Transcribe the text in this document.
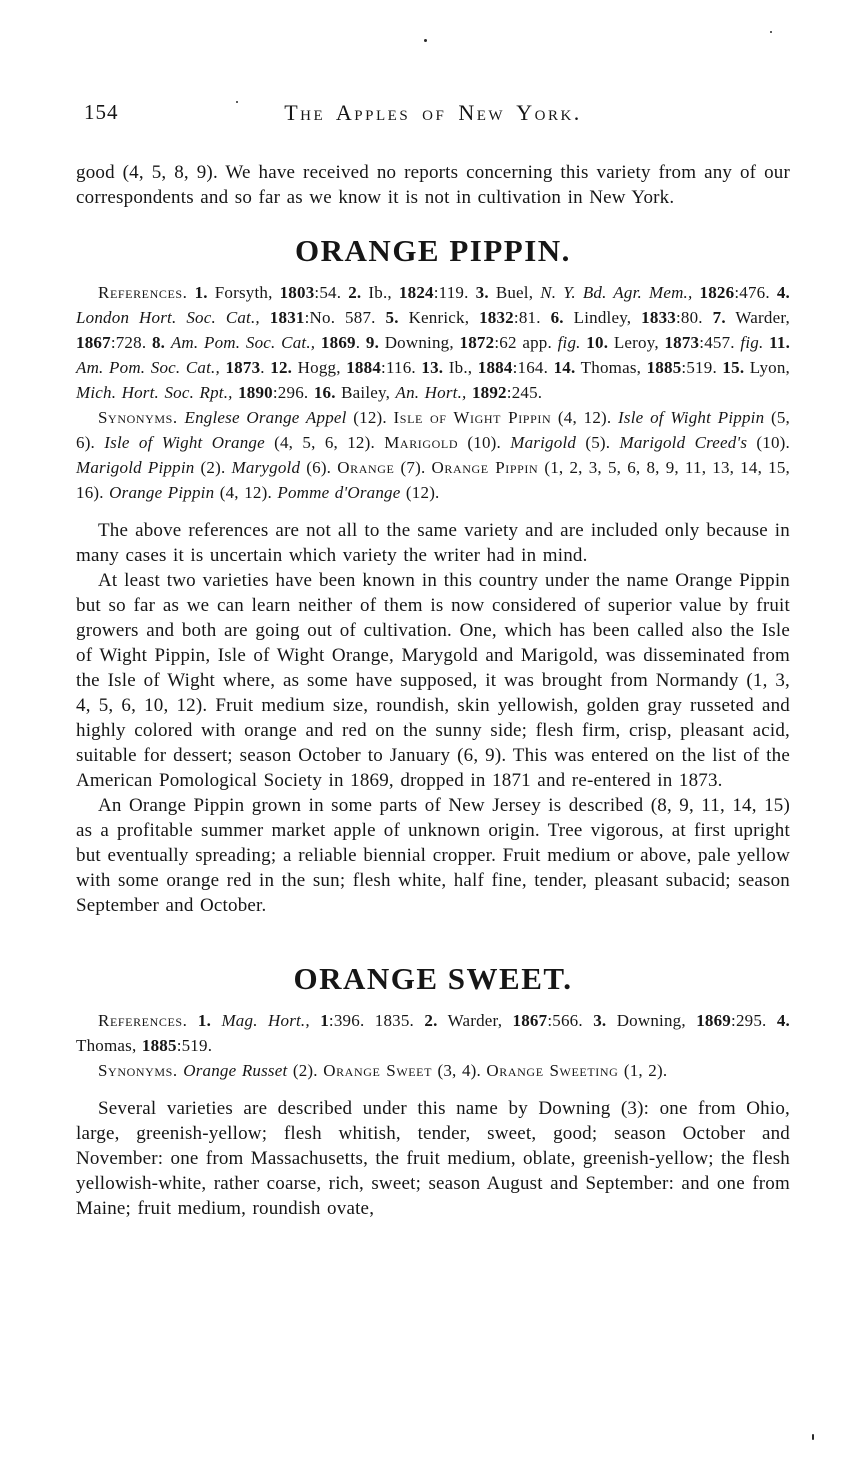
154	The Apples of New York.

good (4, 5, 8, 9). We have received no reports concerning this variety from any of our correspondents and so far as we know it is not in cultivation in New York.

ORANGE PIPPIN.

References. 1. Forsyth, 1803:54. 2. Ib., 1824:119. 3. Buel, N. Y. Bd. Agr. Mem., 1826:476. 4. London Hort. Soc. Cat., 1831:No. 587. 5. Kenrick, 1832:81. 6. Lindley, 1833:80. 7. Warder, 1867:728. 8. Am. Pom. Soc. Cat., 1869. 9. Downing, 1872:62 app. fig. 10. Leroy, 1873:457. fig. 11. Am. Pom. Soc. Cat., 1873. 12. Hogg, 1884:116. 13. Ib., 1884:164. 14. Thomas, 1885:519. 15. Lyon, Mich. Hort. Soc. Rpt., 1890:296. 16. Bailey, An. Hort., 1892:245.

Synonyms. Englese Orange Appel (12). Isle of Wight Pippin (4, 12). Isle of Wight Pippin (5, 6). Isle of Wight Orange (4, 5, 6, 12). Marigold (10). Marigold (5). Marigold Creed's (10). Marigold Pippin (2). Marygold (6). Orange (7). Orange Pippin (1, 2, 3, 5, 6, 8, 9, 11, 13, 14, 15, 16). Orange Pippin (4, 12). Pomme d'Orange (12).

The above references are not all to the same variety and are included only because in many cases it is uncertain which variety the writer had in mind.

At least two varieties have been known in this country under the name Orange Pippin but so far as we can learn neither of them is now considered of superior value by fruit growers and both are going out of cultivation. One, which has been called also the Isle of Wight Pippin, Isle of Wight Orange, Marygold and Marigold, was disseminated from the Isle of Wight where, as some have supposed, it was brought from Normandy (1, 3, 4, 5, 6, 10, 12). Fruit medium size, roundish, skin yellowish, golden gray russeted and highly colored with orange and red on the sunny side; flesh firm, crisp, pleasant acid, suitable for dessert; season October to January (6, 9). This was entered on the list of the American Pomological Society in 1869, dropped in 1871 and re-entered in 1873.

An Orange Pippin grown in some parts of New Jersey is described (8, 9, 11, 14, 15) as a profitable summer market apple of unknown origin. Tree vigorous, at first upright but eventually spreading; a reliable biennial cropper. Fruit medium or above, pale yellow with some orange red in the sun; flesh white, half fine, tender, pleasant subacid; season September and October.

ORANGE SWEET.

References. 1. Mag. Hort., 1:396. 1835. 2. Warder, 1867:566. 3. Downing, 1869:295. 4. Thomas, 1885:519.

Synonyms. Orange Russet (2). Orange Sweet (3, 4). Orange Sweeting (1, 2).

Several varieties are described under this name by Downing (3): one from Ohio, large, greenish-yellow; flesh whitish, tender, sweet, good; season October and November: one from Massachusetts, the fruit medium, oblate, greenish-yellow; the flesh yellowish-white, rather coarse, rich, sweet; season August and September: and one from Maine; fruit medium, roundish ovate,
